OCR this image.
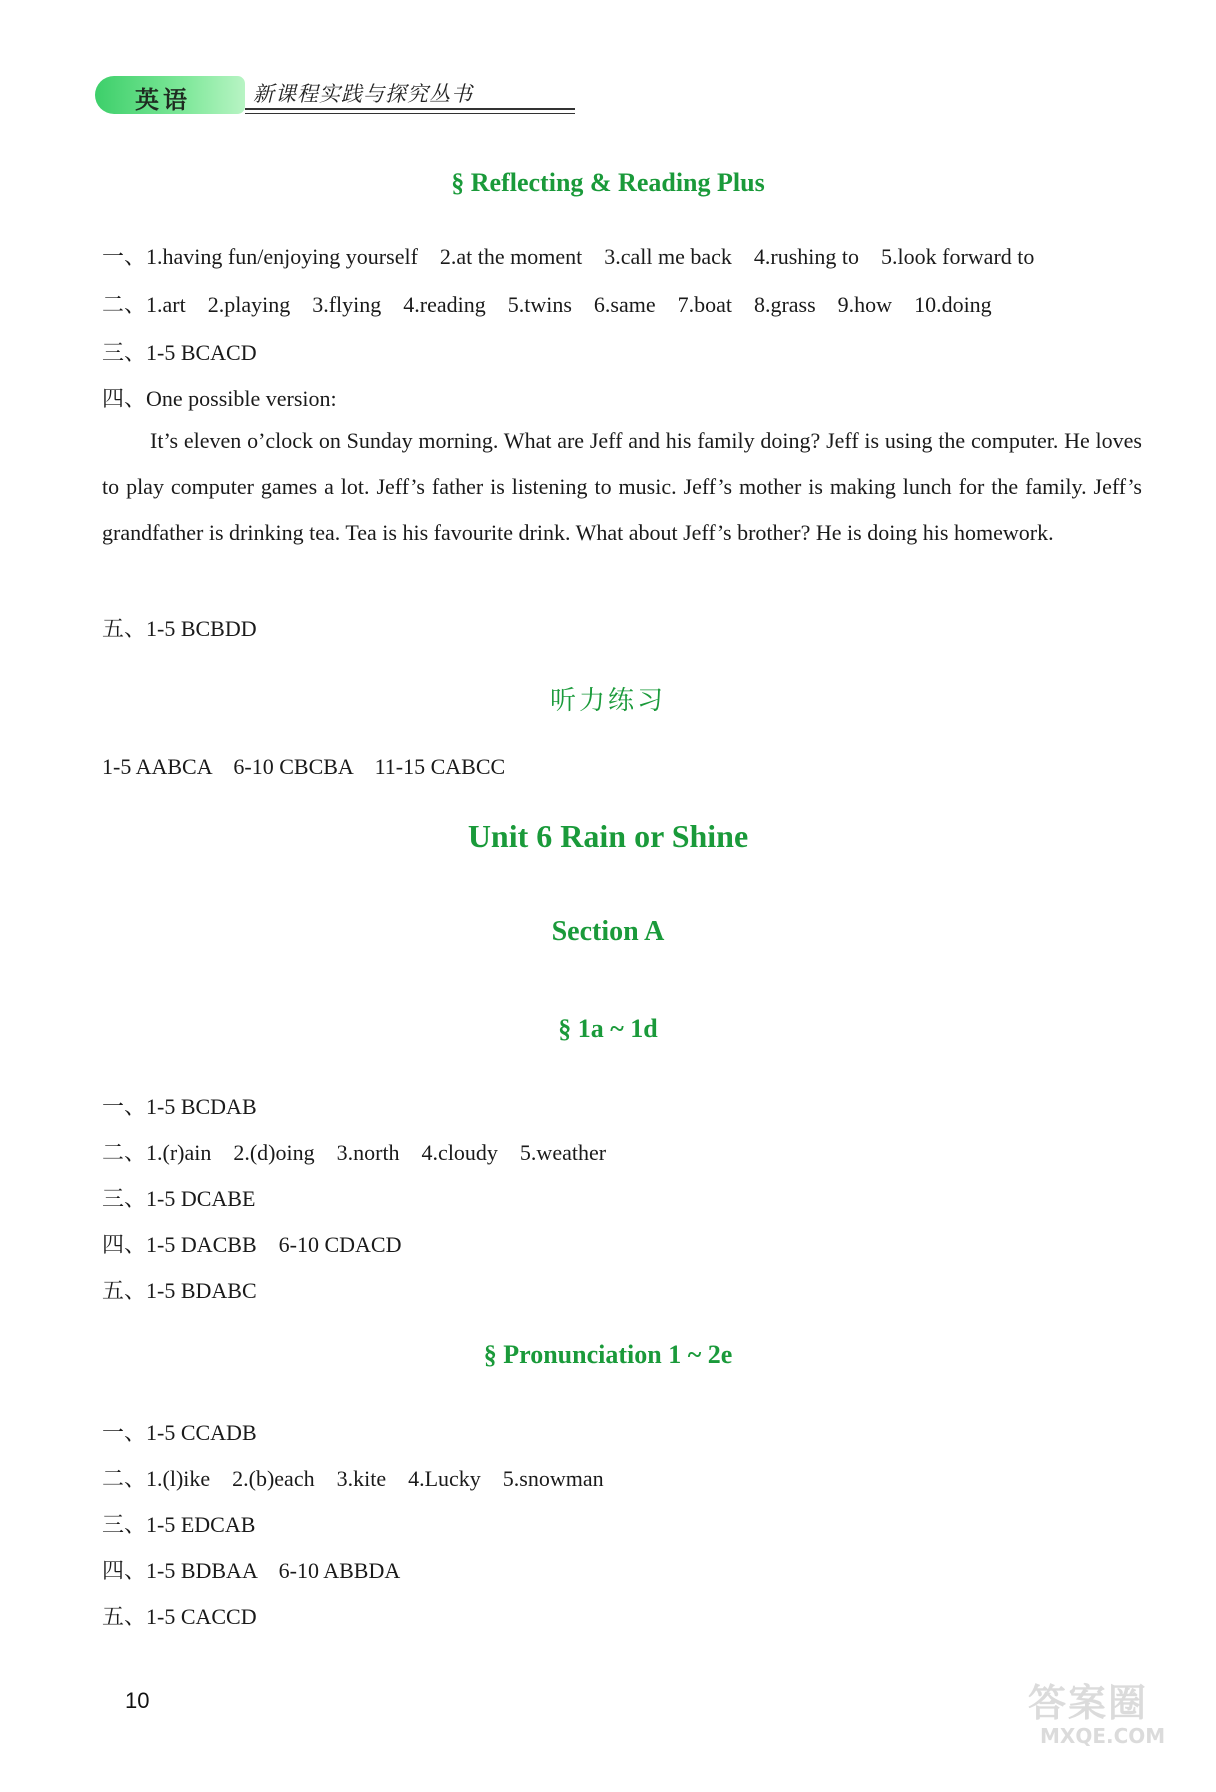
英语	新课程实践与探究丛书
§ Reflecting & Reading Plus
一、1.having fun/enjoying yourself    2.at the moment    3.call me back    4.rushing to    5.look forward to
二、1.art    2.playing    3.flying    4.reading    5.twins    6.same    7.boat    8.grass    9.how    10.doing
三、1-5 BCACD
四、One possible version:
It’s eleven o’clock on Sunday morning. What are Jeff and his family doing? Jeff is using the computer. He loves to play computer games a lot. Jeff’s father is listening to music. Jeff’s mother is making lunch for the family. Jeff’s grandfather is drinking tea. Tea is his favourite drink. What about Jeff’s brother? He is doing his homework.
五、1-5 BCBDD
听力练习
1-5 AABCA    6-10 CBCBA    11-15 CABCC
Unit 6 Rain or Shine
Section A
§ 1a ~ 1d
一、1-5 BCDAB
二、1.(r)ain    2.(d)oing    3.north    4.cloudy    5.weather
三、1-5 DCABE
四、1-5 DACBB    6-10 CDACD
五、1-5 BDABC
§ Pronunciation 1 ~ 2e
一、1-5 CCADB
二、1.(l)ike    2.(b)each    3.kite    4.Lucky    5.snowman
三、1-5 EDCAB
四、1-5 BDBAA    6-10 ABBDA
五、1-5 CACCD
10	答案圈
MXQE.COM
